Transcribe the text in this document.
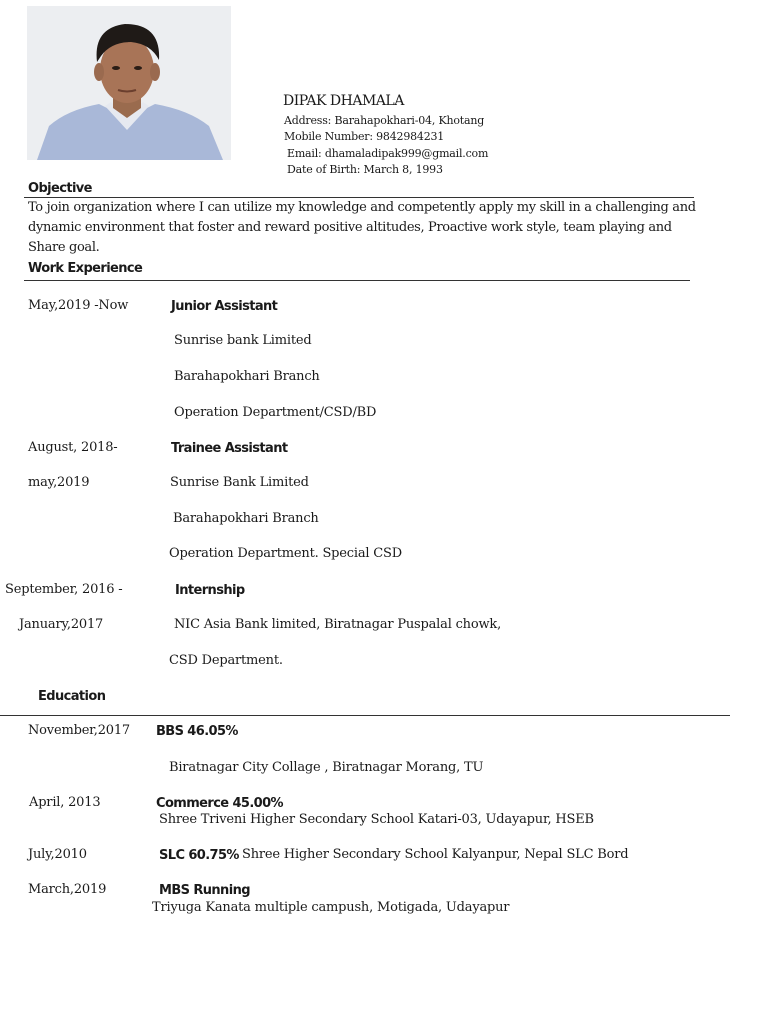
DIPAK DHAMALA
Address: Barahapokhari-04, Khotang
Mobile Number: 9842984231
Email: dhamaladipak999@gmail.com
Date of Birth: March 8, 1993
Objective
To join organization where I can utilize my knowledge and competently apply my skill in a challenging and
dynamic environment that foster and reward positive altitudes, Proactive work style, team playing and
Share goal.
Work Experience
May,2019 -Now	Junior Assistant
Sunrise bank Limited
Barahapokhari Branch
Operation Department/CSD/BD
August, 2018-	Trainee Assistant
may,2019	Sunrise Bank Limited
Barahapokhari Branch
Operation Department. Special CSD
September, 2016 -	Internship
January,2017	NIC Asia Bank limited, Biratnagar Puspalal chowk,
CSD Department.
Education
November,2017 BBS 46.05%
Biratnagar City Collage , Biratnagar Morang, TU
April, 2013	Commerce 45.00%
Shree Triveni Higher Secondary School Katari-03, Udayapur, HSEB
July,2010	SLC 60.75% Shree Higher Secondary School Kalyanpur, Nepal SLC Bord
March,2019	MBS Running
Triyuga Kanata multiple campush, Motigada, Udayapur
